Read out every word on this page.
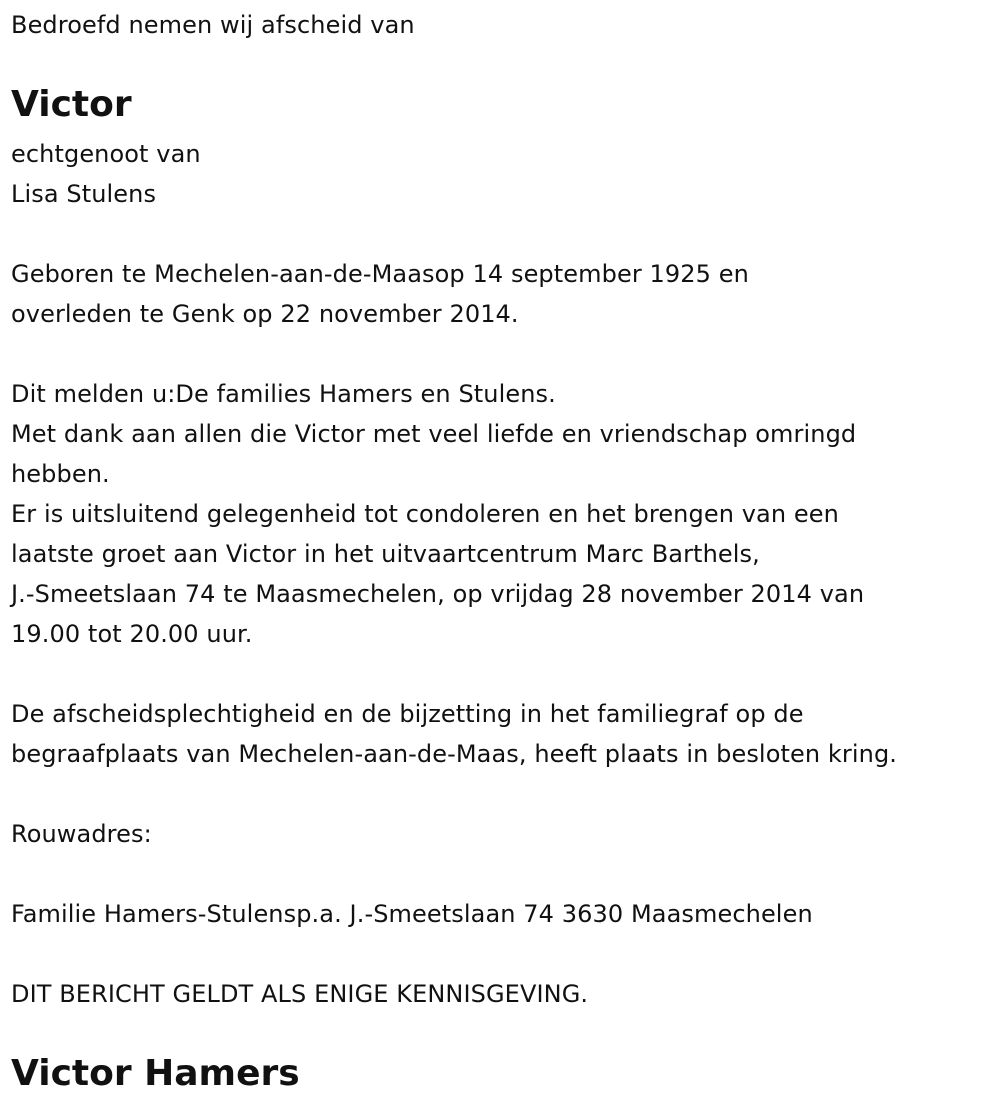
Bedroefd nemen wij afscheid van
Victor
echtgenoot van
Lisa Stulens
Geboren te Mechelen-aan-de-Maasop 14 september 1925 en
overleden te Genk op 22 november 2014.
Dit melden u:De families Hamers en Stulens.
Met dank aan allen die Victor met veel liefde en vriendschap omringd
hebben.
Er is uitsluitend gelegenheid tot condoleren en het brengen van een
laatste groet aan Victor in het uitvaartcentrum Marc Barthels,
J.-Smeetslaan 74 te Maasmechelen, op vrijdag 28 november 2014 van
19.00 tot 20.00 uur.
De afscheidsplechtigheid en de bijzetting in het familiegraf op de
begraafplaats van Mechelen-aan-de-Maas, heeft plaats in besloten kring.
Rouwadres:
Familie Hamers-Stulensp.a. J.-Smeetslaan 74 3630 Maasmechelen
DIT BERICHT GELDT ALS ENIGE KENNISGEVING.
Victor Hamers
